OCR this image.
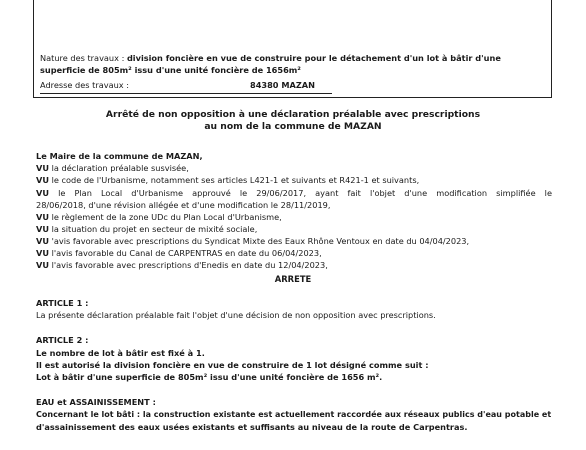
Nature des travaux : division foncière en vue de construire pour le détachement d'un lot à bâtir d'une
superficie de 805m² issu d'une unité foncière de 1656m²
Adresse des travaux :	84380 MAZAN
Arrêté de non opposition à une déclaration préalable avec prescriptions
au nom de la commune de MAZAN
Le Maire de la commune de MAZAN,
VU la déclaration préalable susvisée,
VU le code de l'Urbanisme, notamment ses articles L421-1 et suivants et R421-1 et suivants,
VU le Plan Local d'Urbanisme approuvé le 29/06/2017, ayant fait l'objet d'une modification simplifiée le
28/06/2018, d'une révision allégée et d'une modification le 28/11/2019,
VU le règlement de la zone UDc du Plan Local d'Urbanisme,
VU la situation du projet en secteur de mixité sociale,
VU 'avis favorable avec prescriptions du Syndicat Mixte des Eaux Rhône Ventoux en date du 04/04/2023,
VU l'avis favorable du Canal de CARPENTRAS en date du 06/04/2023,
VU l'avis favorable avec prescriptions d'Enedis en date du 12/04/2023,
ARRETE
ARTICLE 1 :
La présente déclaration préalable fait l'objet d'une décision de non opposition avec prescriptions.
ARTICLE 2 :
Le nombre de lot à bâtir est fixé à 1.
Il est autorisé la division foncière en vue de construire de 1 lot désigné comme suit :
Lot à bâtir d'une superficie de 805m² issu d'une unité foncière de 1656 m².
EAU et ASSAINISSEMENT :
Concernant le lot bâti : la construction existante est actuellement raccordée aux réseaux publics d'eau potable et
d'assainissement des eaux usées existants et suffisants au niveau de la route de Carpentras.
